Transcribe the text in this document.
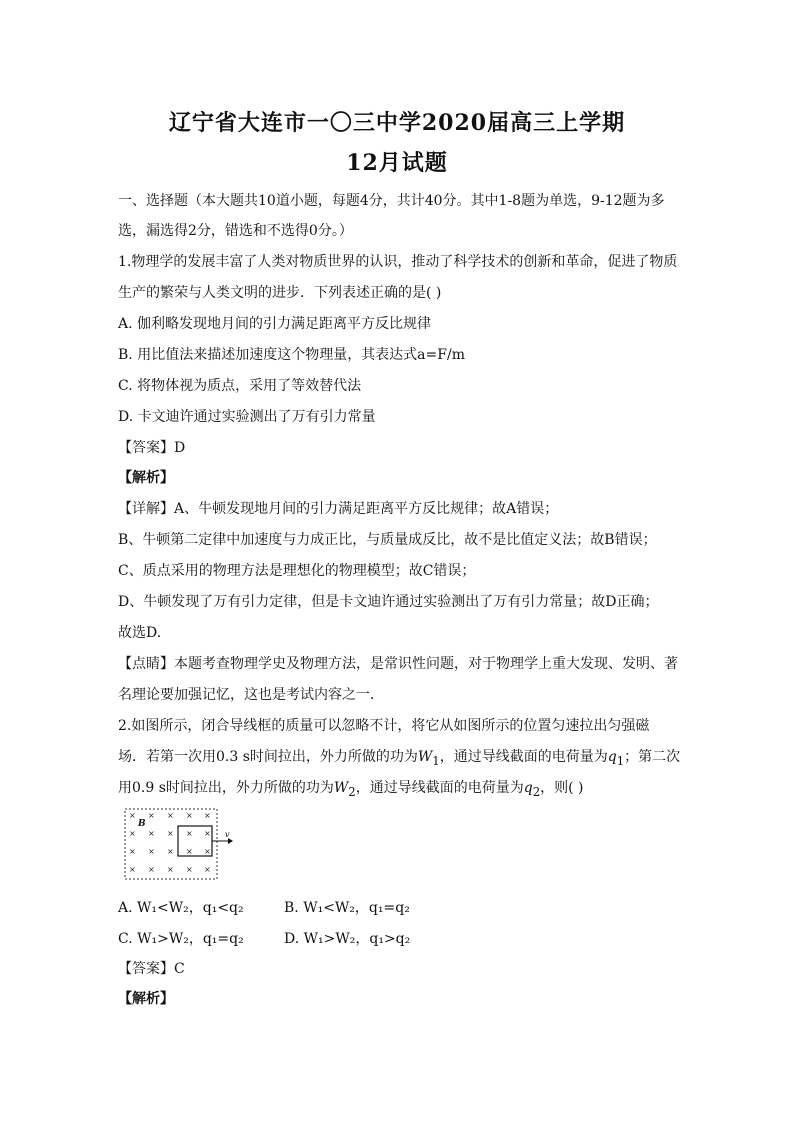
辽宁省大连市一〇三中学2020届高三上学期
12月试题
一、选择题（本大题共10道小题，每题4分，共计40分。其中1-8题为单选，9-12题为多
选，漏选得2分，错选和不选得0分。）
1.物理学的发展丰富了人类对物质世界的认识，推动了科学技术的创新和革命，促进了物质
生产的繁荣与人类文明的进步．下列表述正确的是( )
A. 伽利略发现地月间的引力满足距离平方反比规律
B. 用比值法来描述加速度这个物理量，其表达式a=F/m
C. 将物体视为质点，采用了等效替代法
D. 卡文迪许通过实验测出了万有引力常量
【答案】D
【解析】
【详解】A、牛顿发现地月间的引力满足距离平方反比规律；故A错误；
B、牛顿第二定律中加速度与力成正比，与质量成反比，故不是比值定义法；故B错误；
C、质点采用的物理方法是理想化的物理模型；故C错误；
D、牛顿发现了万有引力定律，但是卡文迪许通过实验测出了万有引力常量；故D正确；
故选D.
【点睛】本题考查物理学史及物理方法，是常识性问题，对于物理学上重大发现、发明、著
名理论要加强记忆，这也是考试内容之一．
2.如图所示，闭合导线框的质量可以忽略不计，将它从如图所示的位置匀速拉出匀强磁
场．若第一次用0.3 s时间拉出，外力所做的功为$W_1$，通过导线截面的电荷量为$q_1$；第二次
用0.9 s时间拉出，外力所做的功为$W_2$，通过导线截面的电荷量为$q_2$，则( )
× × × × ×
× × × × ×
× × × × ×
× × × × ×
B
v
A. W₁<W₂，q₁<q₂	B. W₁<W₂，q₁=q₂
C. W₁>W₂，q₁=q₂	D. W₁>W₂，q₁>q₂
【答案】C
【解析】
